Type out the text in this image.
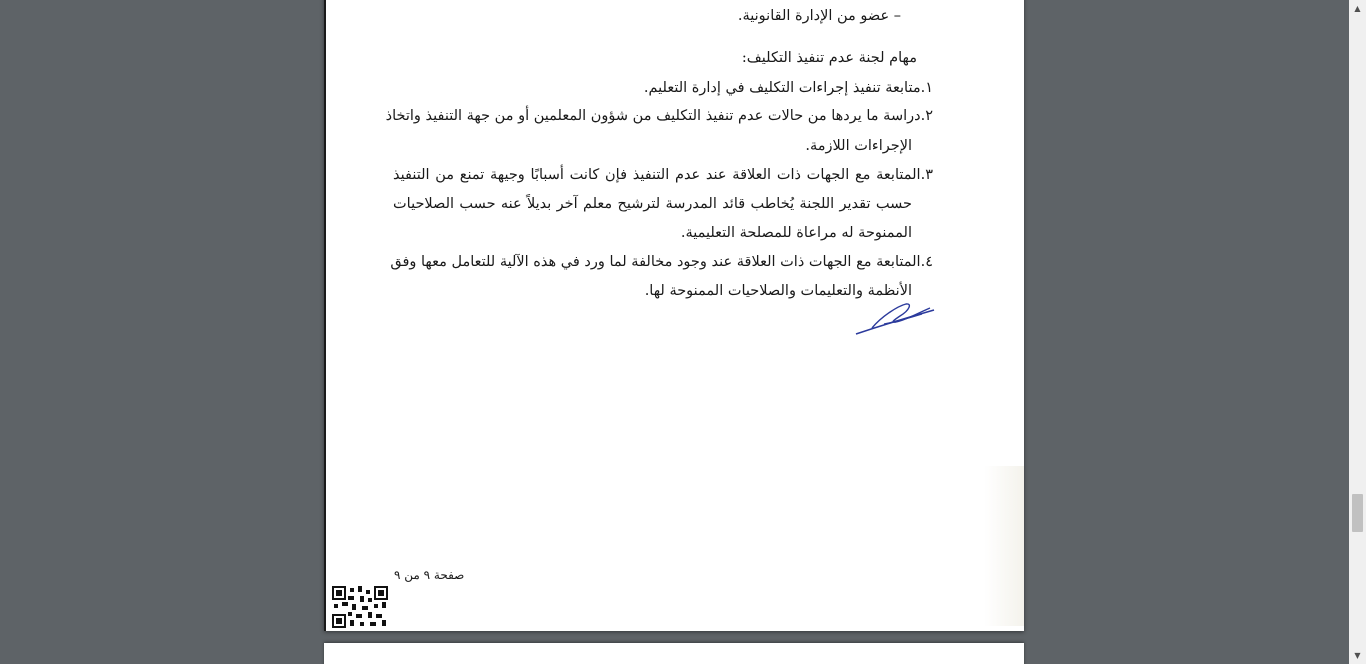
– عضو من الإدارة القانونية.
مهام لجنة عدم تنفيذ التكليف:
١.متابعة تنفيذ إجراءات التكليف في إدارة التعليم.
٢.دراسة ما يردها من حالات عدم تنفيذ التكليف من شؤون المعلمين أو من جهة التنفيذ واتخاذ
الإجراءات اللازمة.
٣.المتابعة مع الجهات ذات العلاقة عند عدم التنفيذ فإن كانت أسبابًا وجيهة تمنع من التنفيذ
حسب تقدير اللجنة يُخاطب قائد المدرسة لترشيح معلم آخر بديلاً عنه حسب الصلاحيات
الممنوحة له مراعاة للمصلحة التعليمية.
٤.المتابعة مع الجهات ذات العلاقة عند وجود مخالفة لما ورد في هذه الآلية للتعامل معها وفق
الأنظمة والتعليمات والصلاحيات الممنوحة لها.
صفحة ٩ من ٩
▲
▼
